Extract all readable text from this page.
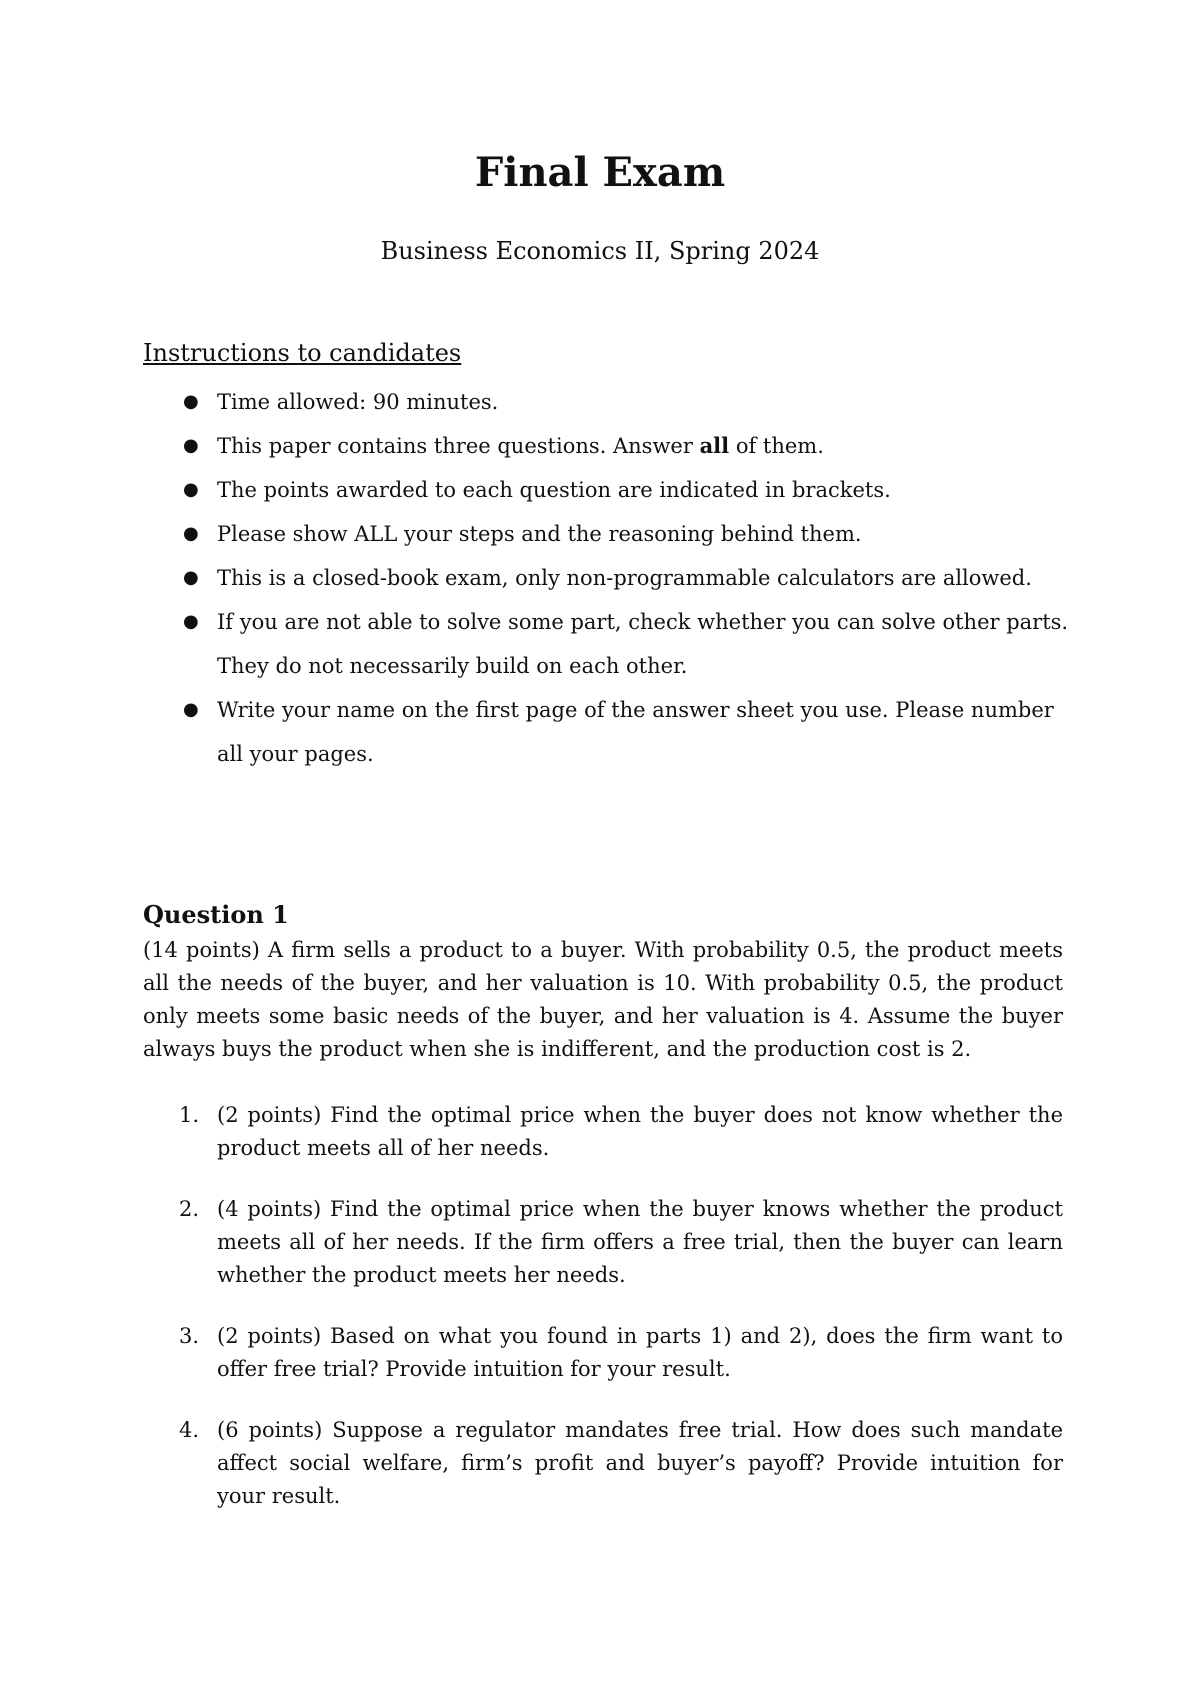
Final Exam
Business Economics II, Spring 2024
Instructions to candidates
● Time allowed: 90 minutes.
● This paper contains three questions. Answer all of them.
● The points awarded to each question are indicated in brackets.
● Please show ALL your steps and the reasoning behind them.
● This is a closed-book exam, only non-programmable calculators are allowed.
● If you are not able to solve some part, check whether you can solve other parts. They do not necessarily build on each other.
● Write your name on the first page of the answer sheet you use. Please number all your pages.
Question 1

(14 points) A firm sells a product to a buyer. With probability 0.5, the product meets all the needs of the buyer, and her valuation is 10. With probability 0.5, the product only meets some basic needs of the buyer, and her valuation is 4. Assume the buyer always buys the product when she is indifferent, and the production cost is 2.

1. (2 points) Find the optimal price when the buyer does not know whether the product meets all of her needs.
2. (4 points) Find the optimal price when the buyer knows whether the product meets all of her needs. If the firm offers a free trial, then the buyer can learn whether the product meets her needs.
3. (2 points) Based on what you found in parts 1) and 2), does the firm want to offer free trial? Provide intuition for your result.
4. (6 points) Suppose a regulator mandates free trial. How does such mandate affect social welfare, firm’s profit and buyer’s payoff? Provide intuition for your result.
